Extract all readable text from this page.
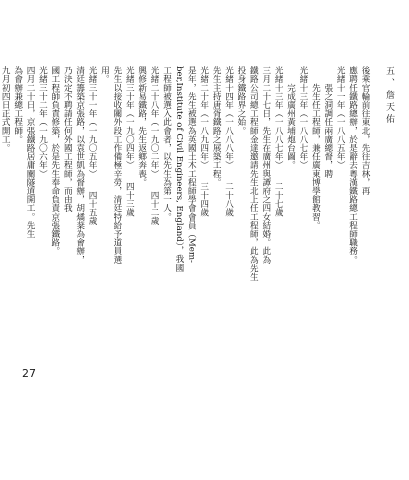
五、詹天佑

後乘官輪前往東北，先往吉林，再

應聘任鐵路總辦，於是辭去粵漢鐵路總工程師職務。

光緒十一年（一八八五年）

　　張之洞調任兩廣總督，聘

　　先生任工程師，兼任廣東博學館教習。

光緒十三年（一八八七年）

　　完成廣州黃埔炮台圖。

光緒十三年（一八八七年）　　二十七歲

三月二十七日，先生在廣州與譚府之四女結婚。此為

鐵路公司總工程師金達邀請先生北上任工程師，此為先生

投身鐵路界之始。

光緒十四年（一八八八年）　　二十八歲

先生主持唐胥鐵路之展築工程。

光緒二十年（一八九四年）　　三十四歲

是年，先生被選為英國土木工程師學會會員（Mem-

ber,Institute of Civil Engineers, England），我國

工程師被選入此會者，以先生為第一人。

光緒二十八年（一九〇二年）　　四十二歲

興修新易鐵路，先生返鄉奔喪。

光緒三十年（一九〇四年）　　四十三歲

先生以接收關外段工作備極辛勞，清廷特給予道員選

用。

光緒三十一年（一九〇五年）　　四十五歲

清廷籌築京張路，以袁世凱為督辦，胡燏棻為會辦，

乃決定不聘請任何外國工程師，而由我

國工程師負責修築，於是先生奉命負責京張鐵路。

光緒三十二年（一九〇六年）

四月二十日，京張鐵路居庸關隧道開工。先生

為會辦兼總工程師。

九月初四日正式開工。

27
